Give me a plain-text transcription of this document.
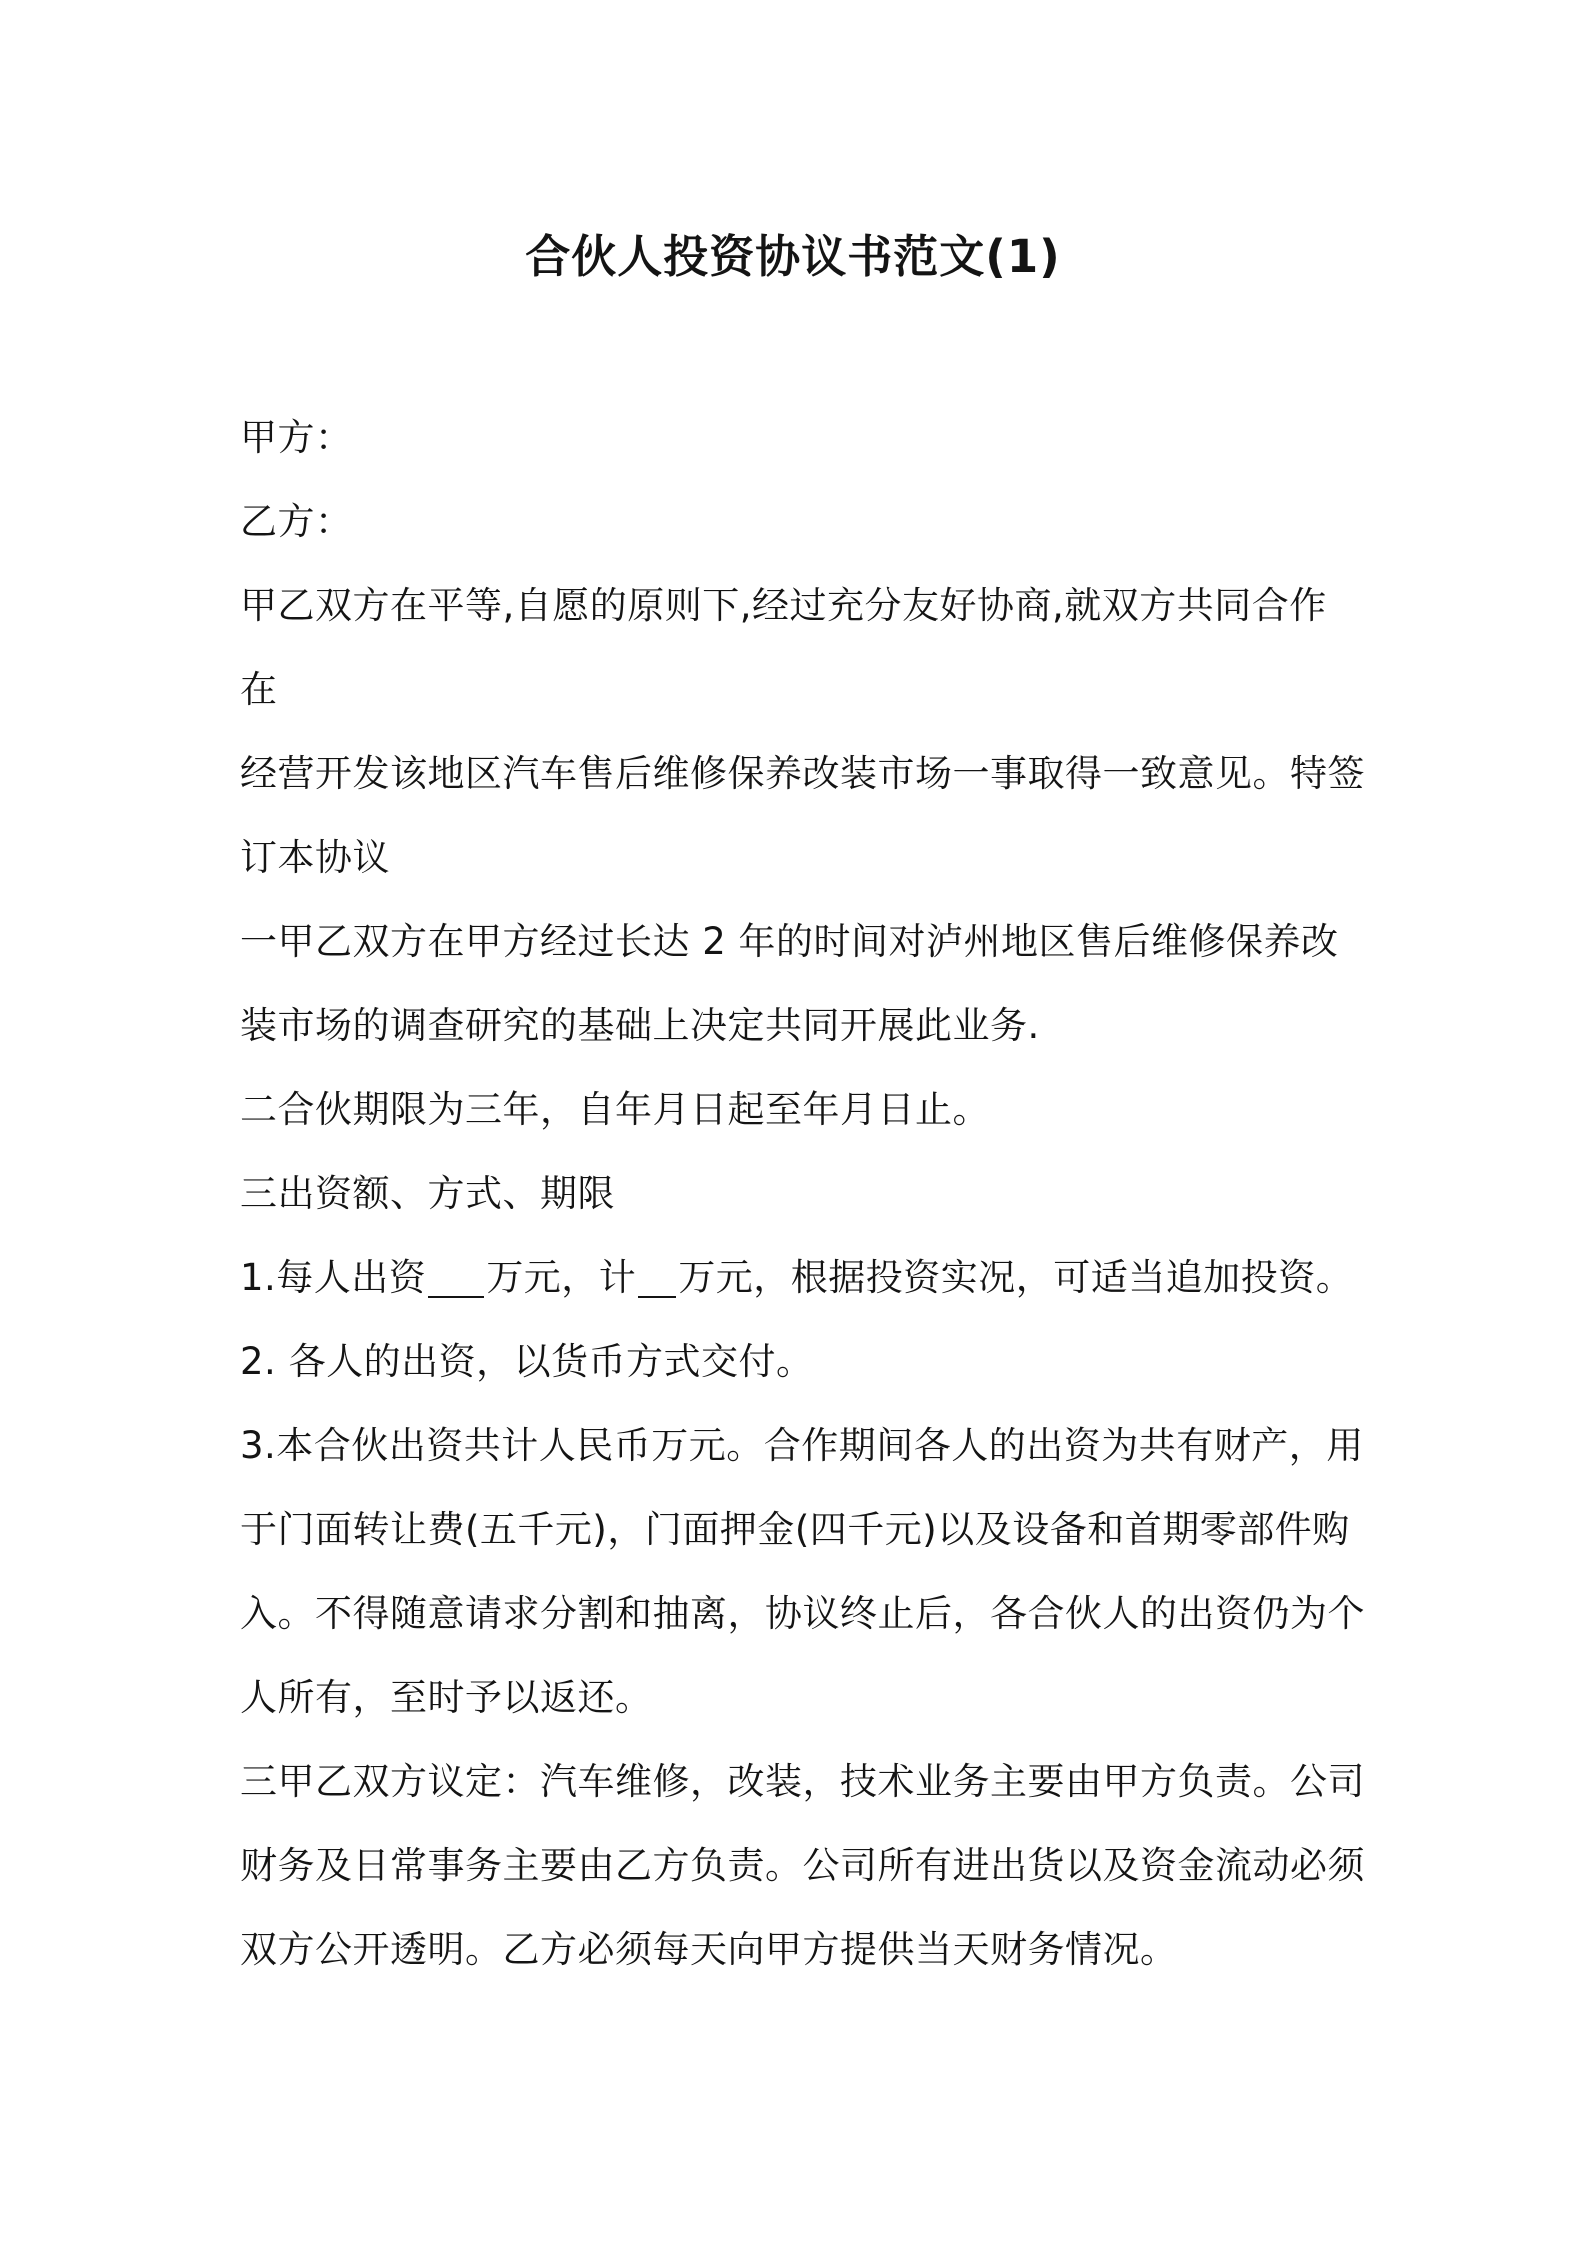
合伙人投资协议书范文(1)
甲方：
乙方：
甲乙双方在平等,自愿的原则下,经过充分友好协商,就双方共同合作
在
经营开发该地区汽车售后维修保养改装市场一事取得一致意见。特签
订本协议
一甲乙双方在甲方经过长达 2 年的时间对泸州地区售后维修保养改
装市场的调查研究的基础上决定共同开展此业务.
二合伙期限为三年，自年月日起至年月日止。
三出资额、方式、期限
1.每人出资 万元，计 万元，根据投资实况，可适当追加投资。
2. 各人的出资，以货币方式交付。
3.本合伙出资共计人民币万元。合作期间各人的出资为共有财产，用
于门面转让费(五千元)，门面押金(四千元)以及设备和首期零部件购
入。不得随意请求分割和抽离，协议终止后，各合伙人的出资仍为个
人所有，至时予以返还。
三甲乙双方议定：汽车维修，改装，技术业务主要由甲方负责。公司
财务及日常事务主要由乙方负责。公司所有进出货以及资金流动必须
双方公开透明。乙方必须每天向甲方提供当天财务情况。
